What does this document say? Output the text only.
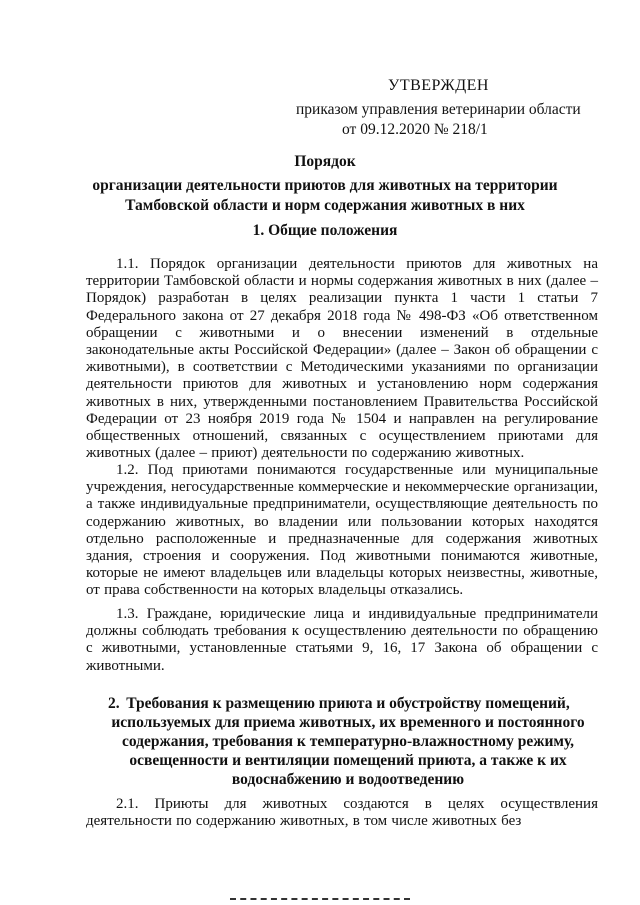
УТВЕРЖДЕН
приказом управления ветеринарии области
от 09.12.2020 № 218/1
Порядок
организации деятельности приютов для животных на территории
Тамбовской области и норм содержания животных в них
1. Общие положения
1.1. Порядок организации деятельности приютов для животных на территории Тамбовской области и нормы содержания животных в них (далее – Порядок) разработан в целях реализации пункта 1 части 1 статьи 7 Федерального закона от 27 декабря 2018 года № 498-ФЗ «Об ответственном обращении с животными и о внесении изменений в отдельные законодательные акты Российской Федерации» (далее – Закон об обращении с животными), в соответствии с Методическими указаниями по организации деятельности приютов для животных и установлению норм содержания животных в них, утвержденными постановлением Правительства Российской Федерации от 23 ноября 2019 года № 1504 и направлен на регулирование общественных отношений, связанных с осуществлением приютами для животных (далее – приют) деятельности по содержанию животных.
1.2. Под приютами понимаются государственные или муниципальные учреждения, негосударственные коммерческие и некоммерческие организации, а также индивидуальные предприниматели, осуществляющие деятельность по содержанию животных, во владении или пользовании которых находятся отдельно расположенные и предназначенные для содержания животных здания, строения и сооружения. Под животными понимаются животные, которые не имеют владельцев или владельцы которых неизвестны, животные, от права собственности на которых владельцы отказались.
1.3. Граждане, юридические лица и индивидуальные предприниматели должны соблюдать требования к осуществлению деятельности по обращению с животными, установленные статьями 9, 16, 17 Закона об обращении с животными.
2. Требования к размещению приюта и обустройству помещений, используемых для приема животных, их временного и постоянного содержания, требования к температурно-влажностному режиму, освещенности и вентиляции помещений приюта, а также к их водоснабжению и водоотведению
2.1. Приюты для животных создаются в целях осуществления деятельности по содержанию животных, в том числе животных без
